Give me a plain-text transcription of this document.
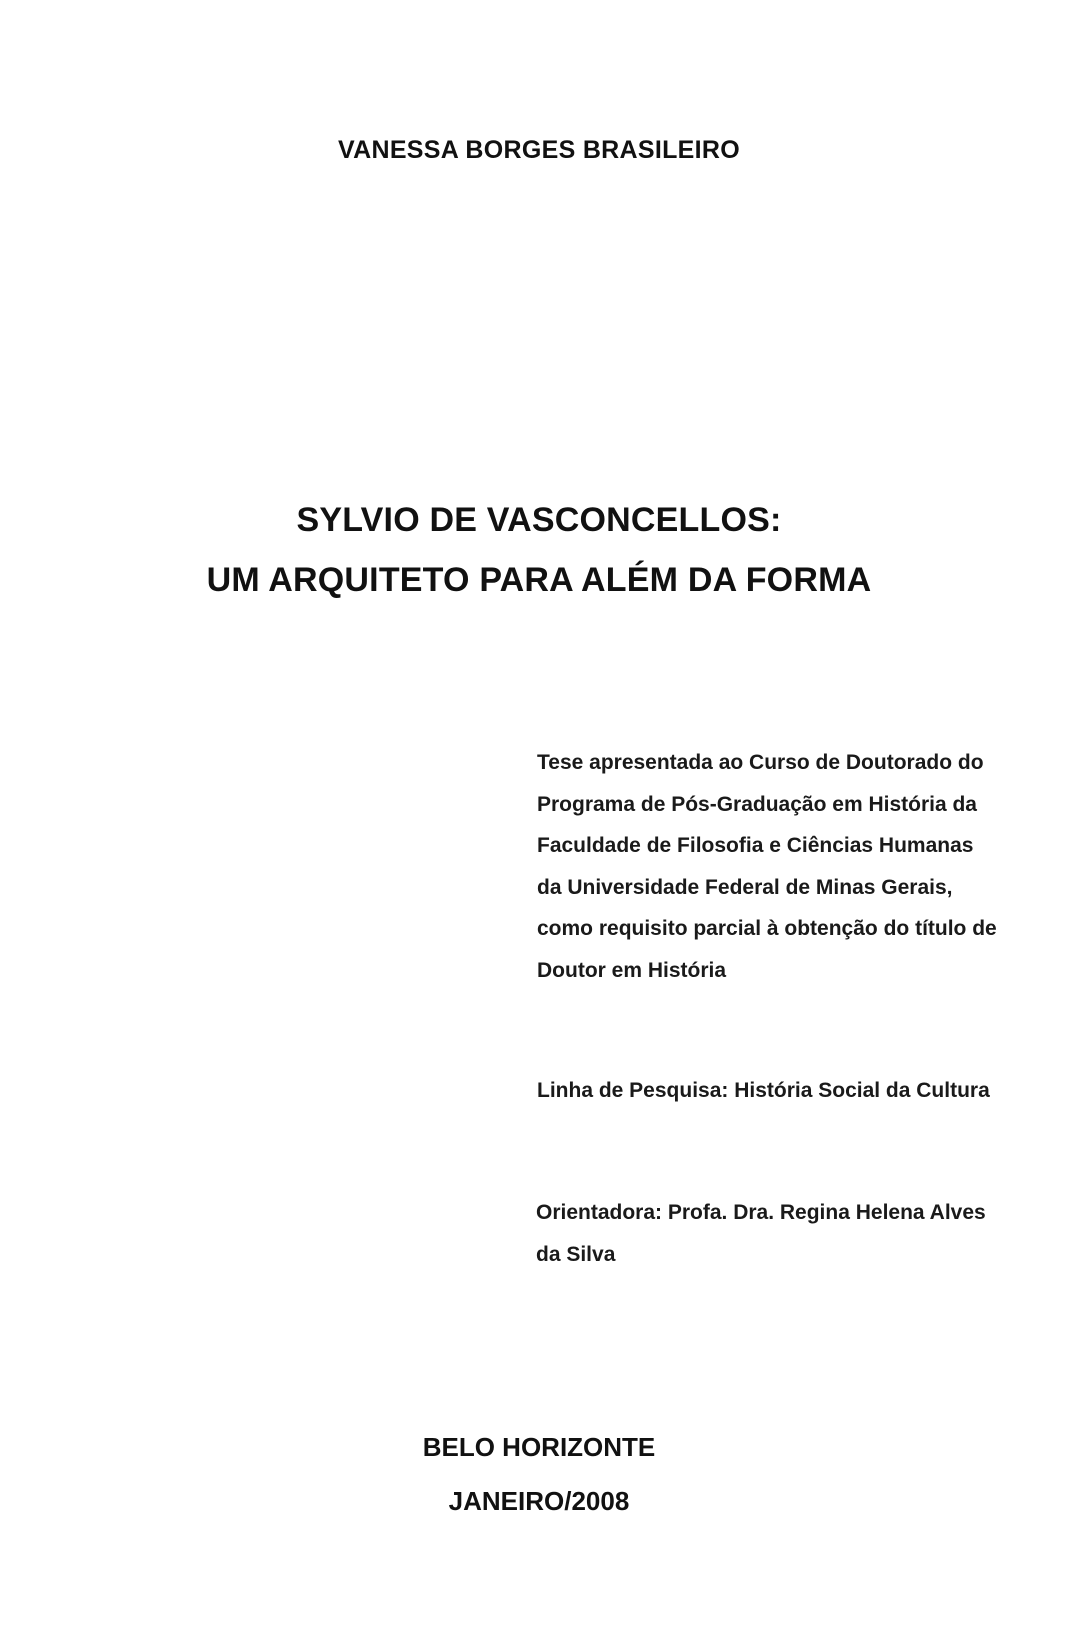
VANESSA BORGES BRASILEIRO
SYLVIO DE VASCONCELLOS:
UM ARQUITETO PARA ALÉM DA FORMA
Tese apresentada ao Curso de Doutorado do Programa de Pós-Graduação em História da Faculdade de Filosofia e Ciências Humanas da Universidade Federal de Minas Gerais, como requisito parcial à obtenção do título de Doutor em História
Linha de Pesquisa: História Social da Cultura
Orientadora: Profa. Dra. Regina Helena Alves da Silva
BELO HORIZONTE
JANEIRO/2008
